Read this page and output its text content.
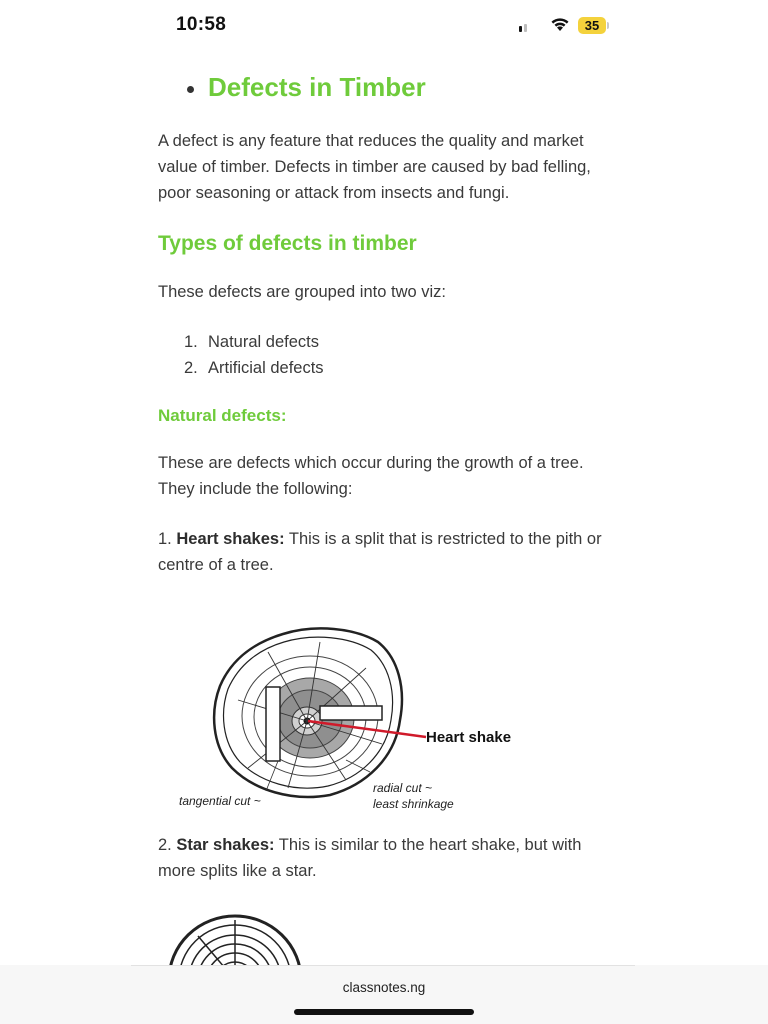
10:58	35
Defects in Timber
A defect is any feature that reduces the quality and market value of timber. Defects in timber are caused by bad felling, poor seasoning or attack from insects and fungi.
Types of defects in timber
These defects are grouped into two viz:
1. Natural defects
2. Artificial defects
Natural defects:
These are defects which occur during the growth of a tree. They include the following:
1. Heart shakes: This is a split that is restricted to the pith or centre of a tree.
Heart shake
tangential cut ~
radial cut ~
least shrinkage
2. Star shakes: This is similar to the heart shake, but with more splits like a star.
classnotes.ng
